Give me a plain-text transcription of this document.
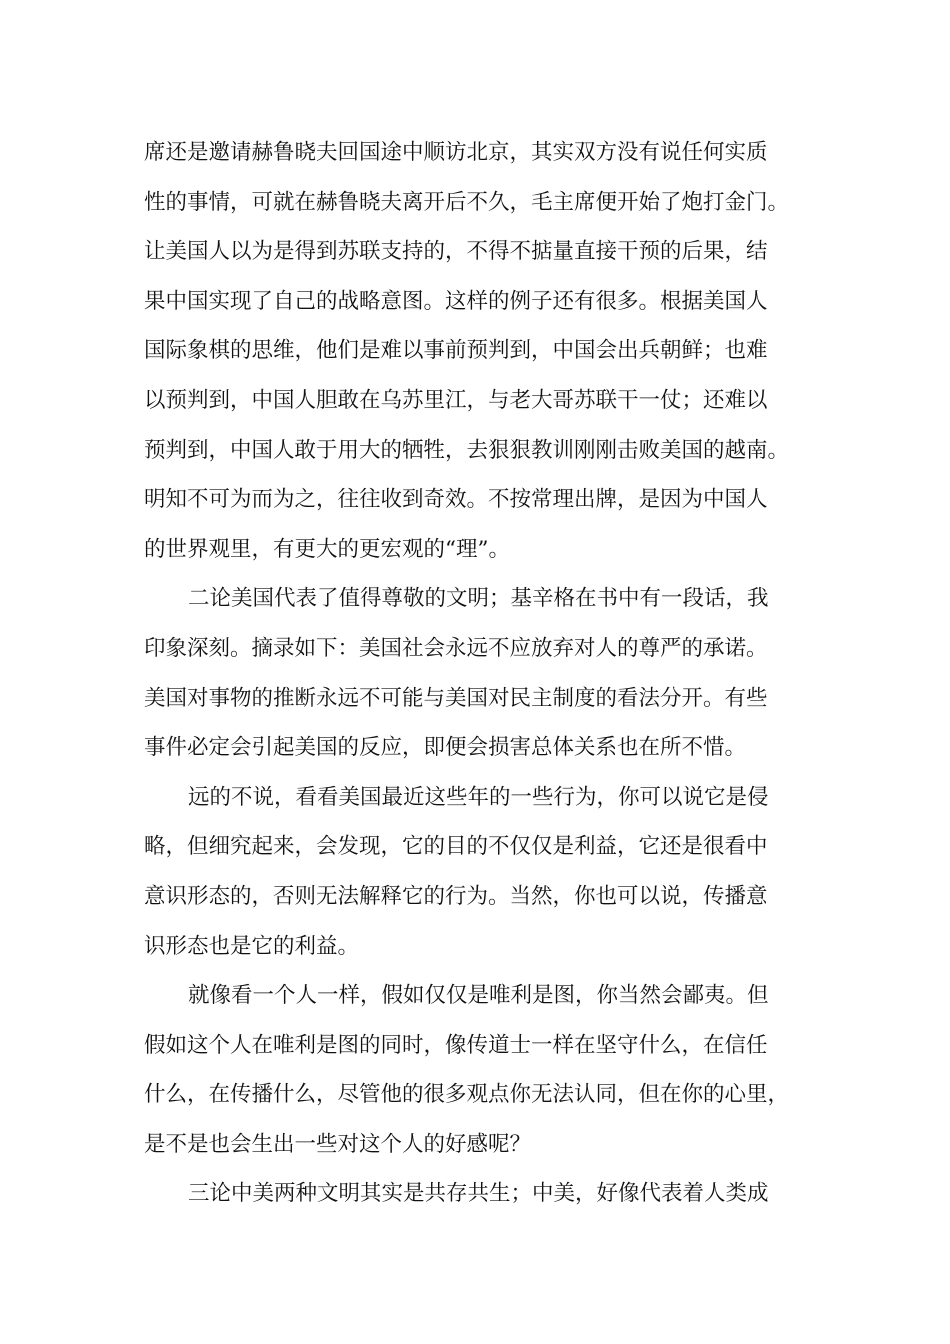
席还是邀请赫鲁晓夫回国途中顺访北京，其实双方没有说任何实质
性的事情，可就在赫鲁晓夫离开后不久，毛主席便开始了炮打金门。
让美国人以为是得到苏联支持的，不得不掂量直接干预的后果，结
果中国实现了自己的战略意图。这样的例子还有很多。根据美国人
国际象棋的思维，他们是难以事前预判到，中国会出兵朝鲜；也难
以预判到，中国人胆敢在乌苏里江，与老大哥苏联干一仗；还难以
预判到，中国人敢于用大的牺牲，去狠狠教训刚刚击败美国的越南。
明知不可为而为之，往往收到奇效。不按常理出牌，是因为中国人
的世界观里，有更大的更宏观的“理”。
二论美国代表了值得尊敬的文明；基辛格在书中有一段话，我
印象深刻。摘录如下：美国社会永远不应放弃对人的尊严的承诺。
美国对事物的推断永远不可能与美国对民主制度的看法分开。有些
事件必定会引起美国的反应，即便会损害总体关系也在所不惜。
远的不说，看看美国最近这些年的一些行为，你可以说它是侵
略，但细究起来，会发现，它的目的不仅仅是利益，它还是很看中
意识形态的，否则无法解释它的行为。当然，你也可以说，传播意
识形态也是它的利益。
就像看一个人一样，假如仅仅是唯利是图，你当然会鄙夷。但
假如这个人在唯利是图的同时，像传道士一样在坚守什么，在信任
什么，在传播什么，尽管他的很多观点你无法认同，但在你的心里，
是不是也会生出一些对这个人的好感呢？
三论中美两种文明其实是共存共生；中美，好像代表着人类成
